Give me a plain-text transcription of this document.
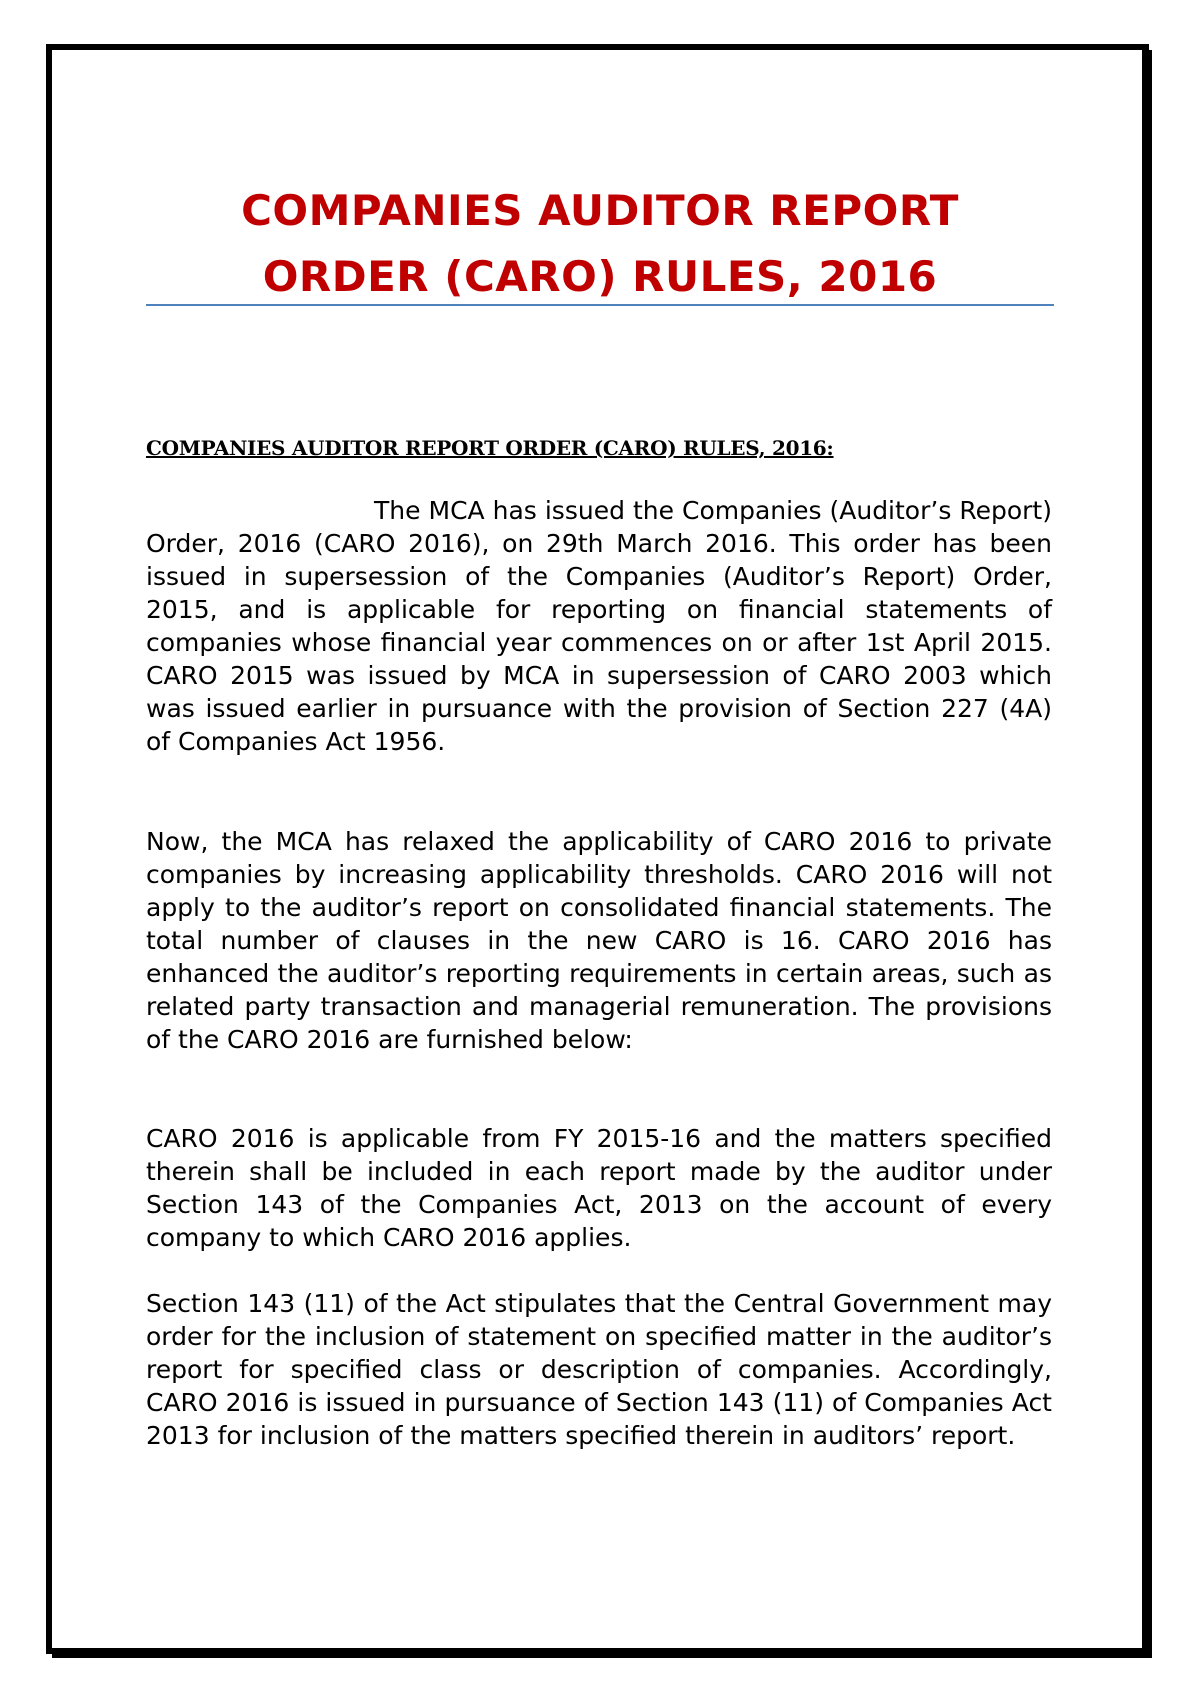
COMPANIES AUDITOR REPORT
ORDER (CARO) RULES, 2016
COMPANIES AUDITOR REPORT ORDER (CARO) RULES, 2016:

The MCA has issued the Companies (Auditor’s Report) Order, 2016 (CARO 2016), on 29th March 2016. This order has been issued in supersession of the Companies (Auditor’s Report) Order, 2015, and is applicable for reporting on financial statements of companies whose financial year commences on or after 1st April 2015. CARO 2015 was issued by MCA in supersession of CARO 2003 which was issued earlier in pursuance with the provision of Section 227 (4A) of Companies Act 1956.

Now, the MCA has relaxed the applicability of CARO 2016 to private companies by increasing applicability thresholds. CARO 2016 will not apply to the auditor’s report on consolidated financial statements. The total number of clauses in the new CARO is 16. CARO 2016 has enhanced the auditor’s reporting requirements in certain areas, such as related party transaction and managerial remuneration. The provisions of the CARO 2016 are furnished below:

CARO 2016 is applicable from FY 2015-16 and the matters specified therein shall be included in each report made by the auditor under Section 143 of the Companies Act, 2013 on the account of every company to which CARO 2016 applies.

Section 143 (11) of the Act stipulates that the Central Government may order for the inclusion of statement on specified matter in the auditor’s report for specified class or description of companies. Accordingly, CARO 2016 is issued in pursuance of Section 143 (11) of Companies Act 2013 for inclusion of the matters specified therein in auditors’ report.
